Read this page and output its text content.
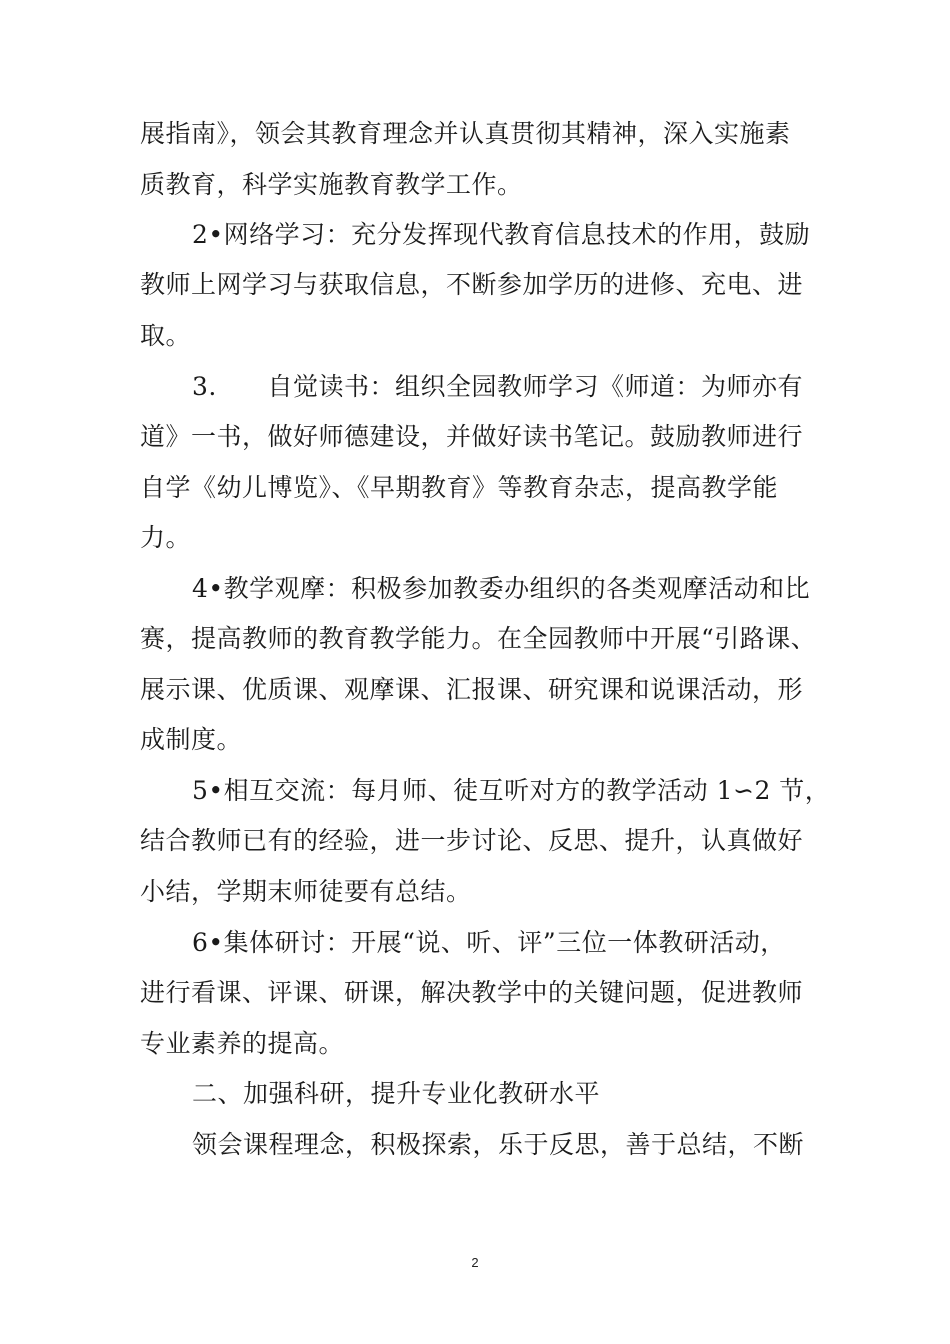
展指南》，领会其教育理念并认真贯彻其精神，深入实施素
质教育，科学实施教育教学工作。
2•网络学习：充分发挥现代教育信息技术的作用，鼓励
教师上网学习与获取信息，不断参加学历的进修、充电、进
取。
3.      自觉读书：组织全园教师学习《师道：为师亦有
道》一书，做好师德建设，并做好读书笔记。鼓励教师进行
自学《幼儿博览》、《早期教育》等教育杂志，提高教学能
力。
4•教学观摩：积极参加教委办组织的各类观摩活动和比
赛，提高教师的教育教学能力。在全园教师中开展“引路课、
展示课、优质课、观摩课、汇报课、研究课和说课活动，形
成制度。
5•相互交流：每月师、徒互听对方的教学活动 1∽2 节，
结合教师已有的经验，进一步讨论、反思、提升，认真做好
小结，学期末师徒要有总结。
6•集体研讨：开展“说、听、评”三位一体教研活动，
进行看课、评课、研课，解决教学中的关键问题，促进教师
专业素养的提高。
二、加强科研，提升专业化教研水平
领会课程理念，积极探索，乐于反思，善于总结，不断
2
